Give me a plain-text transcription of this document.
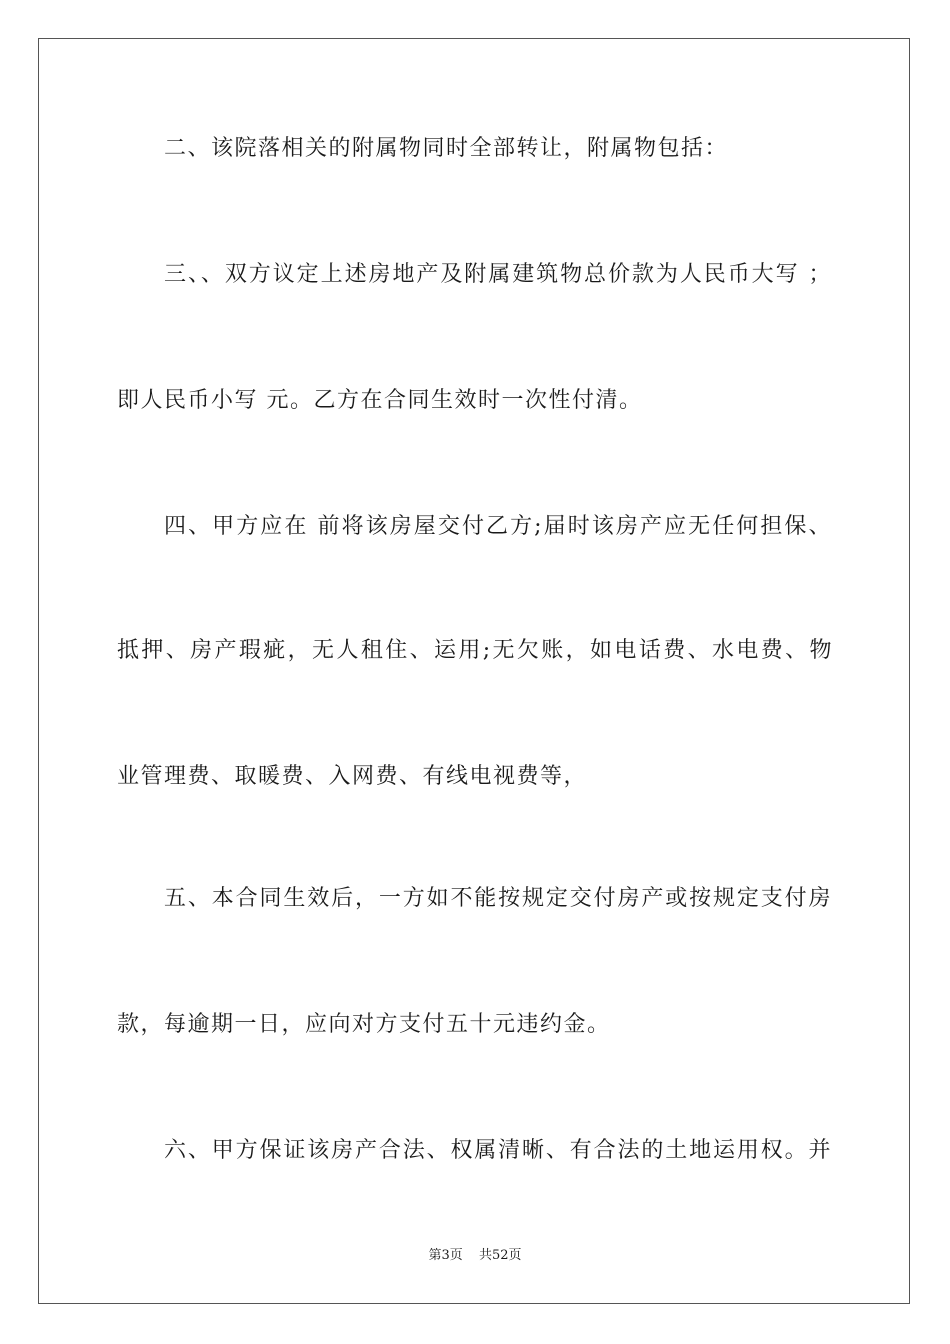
二、该院落相关的附属物同时全部转让，附属物包括：
三、、双方议定上述房地产及附属建筑物总价款为人民币大写 ；
即人民币小写 元。乙方在合同生效时一次性付清。
四、甲方应在 前将该房屋交付乙方;届时该房产应无任何担保、
抵押、房产瑕疵，无人租住、运用;无欠账，如电话费、水电费、物
业管理费、取暖费、入网费、有线电视费等，
五、本合同生效后，一方如不能按规定交付房产或按规定支付房
款，每逾期一日，应向对方支付五十元违约金。
六、甲方保证该房产合法、权属清晰、有合法的土地运用权。并
第3页 共52页
